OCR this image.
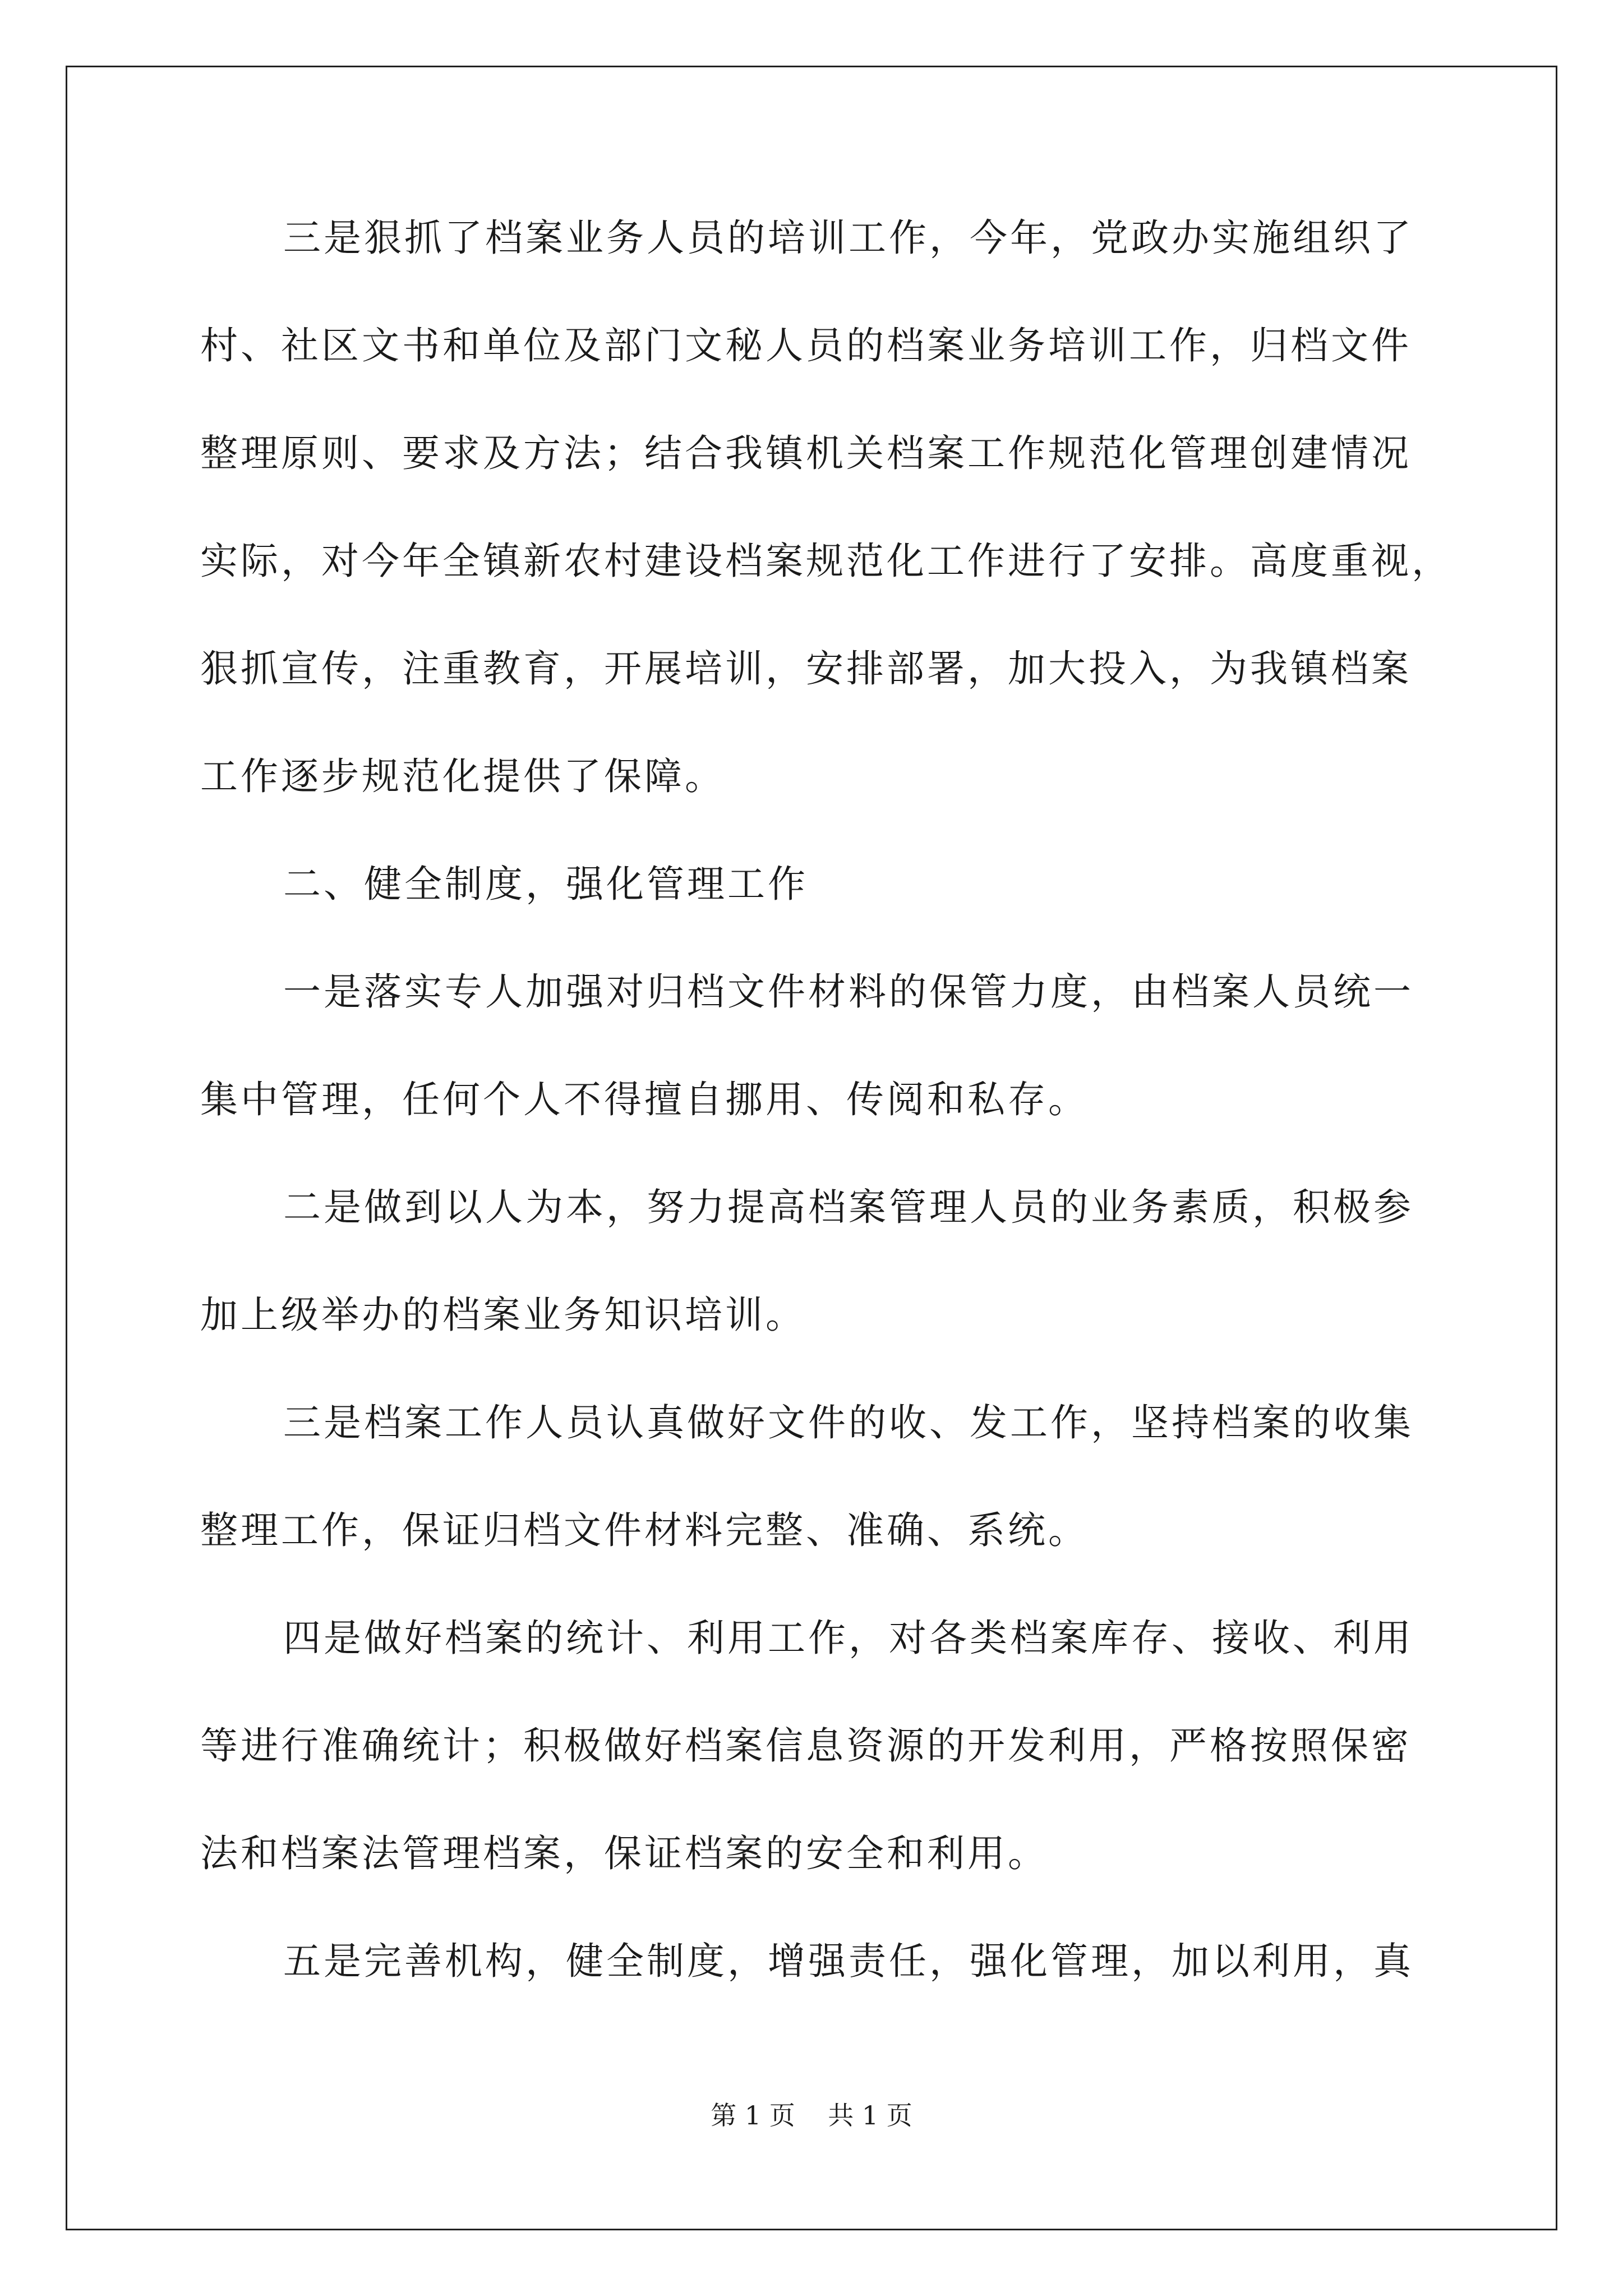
三是狠抓了档案业务人员的培训工作，今年，党政办实施组织了
村、社区文书和单位及部门文秘人员的档案业务培训工作，归档文件
整理原则、要求及方法；结合我镇机关档案工作规范化管理创建情况
实际，对今年全镇新农村建设档案规范化工作进行了安排。高度重视，
狠抓宣传，注重教育，开展培训，安排部署，加大投入，为我镇档案
工作逐步规范化提供了保障。
二、健全制度，强化管理工作
一是落实专人加强对归档文件材料的保管力度，由档案人员统一
集中管理，任何个人不得擅自挪用、传阅和私存。
二是做到以人为本，努力提高档案管理人员的业务素质，积极参
加上级举办的档案业务知识培训。
三是档案工作人员认真做好文件的收、发工作，坚持档案的收集
整理工作，保证归档文件材料完整、准确、系统。
四是做好档案的统计、利用工作，对各类档案库存、接收、利用
等进行准确统计；积极做好档案信息资源的开发利用，严格按照保密
法和档案法管理档案，保证档案的安全和利用。
五是完善机构，健全制度，增强责任，强化管理，加以利用，真
第 1 页    共 1 页
